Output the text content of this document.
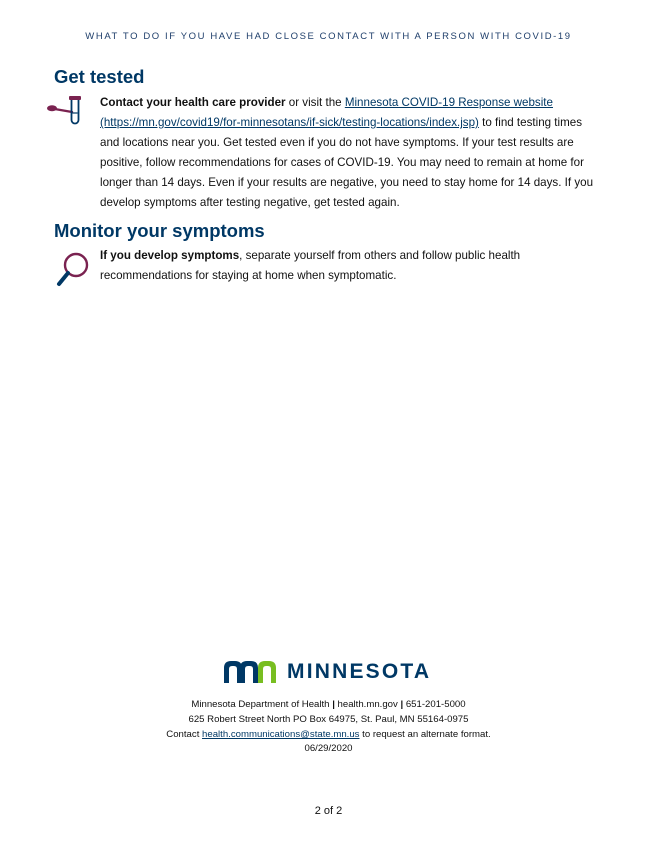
WHAT TO DO IF YOU HAVE HAD CLOSE CONTACT WITH A PERSON WITH COVID-19
Get tested
Contact your health care provider or visit the Minnesota COVID-19 Response website (https://mn.gov/covid19/for-minnesotans/if-sick/testing-locations/index.jsp) to find testing times and locations near you. Get tested even if you do not have symptoms. If your test results are positive, follow recommendations for cases of COVID-19. You may need to remain at home for longer than 14 days. Even if your results are negative, you need to stay home for 14 days. If you develop symptoms after testing negative, get tested again.
Monitor your symptoms
If you develop symptoms, separate yourself from others and follow public health recommendations for staying at home when symptomatic.
MINNESOTA
Minnesota Department of Health | health.mn.gov | 651-201-5000
625 Robert Street North PO Box 64975, St. Paul, MN 55164-0975
Contact health.communications@state.mn.us to request an alternate format.
06/29/2020
2 of 2
